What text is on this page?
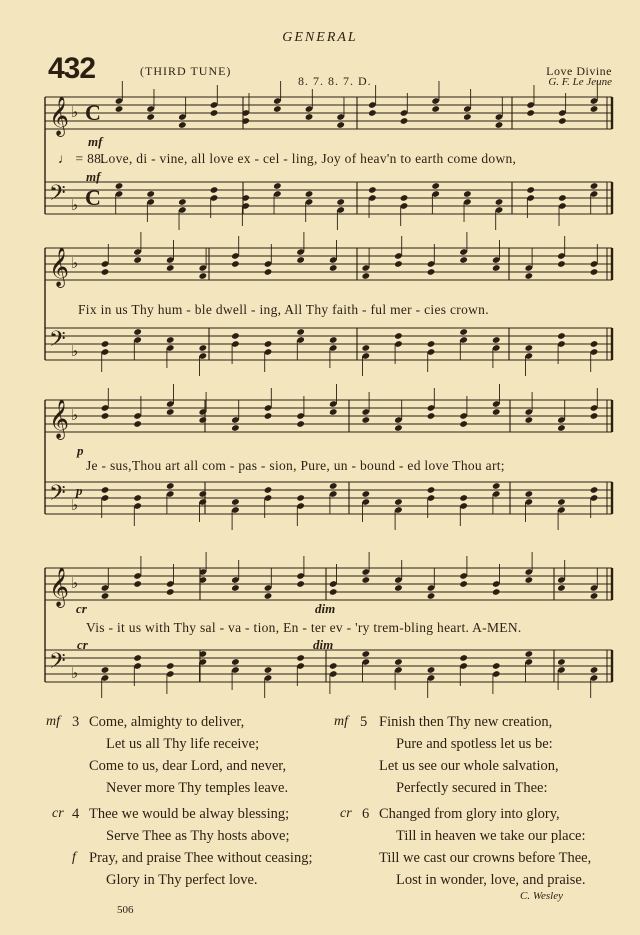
GENERAL
432	(THIRD TUNE)
8. 7. 8. 7. D.
Love Divine
G. F. Le Jeune
𝄞 ♭ C
𝄢 ♭ C
𝄞 ♭
𝄢 ♭
𝄞 ♭
𝄢 ♭
𝄞 ♭
𝄢 ♭
mf
mf
p
p
cr	dim
cr	dim
♩ = 88.
Love, di - vine, all love ex - cel - ling, Joy of heav'n to earth come down,
Fix in us Thy hum - ble dwell - ing, All Thy faith - ful mer - cies crown.
Je - sus,Thou art all com - pas - sion, Pure, un - bound - ed love Thou art;
Vis - it us with Thy sal - va - tion, En - ter ev - 'ry trem-bling heart. A-MEN.
mf 3 Come, almighty to deliver,
Let us all Thy life receive;
Come to us, dear Lord, and never,
Never more Thy temples leave.
cr 4 Thee we would be alway blessing;
Serve Thee as Thy hosts above;
f Pray, and praise Thee without ceasing;
Glory in Thy perfect love.
mf 5 Finish then Thy new creation,
Pure and spotless let us be:
Let us see our whole salvation,
Perfectly secured in Thee:
cr 6 Changed from glory into glory,
Till in heaven we take our place:
Till we cast our crowns before Thee,
Lost in wonder, love, and praise.
C. Wesley
506
